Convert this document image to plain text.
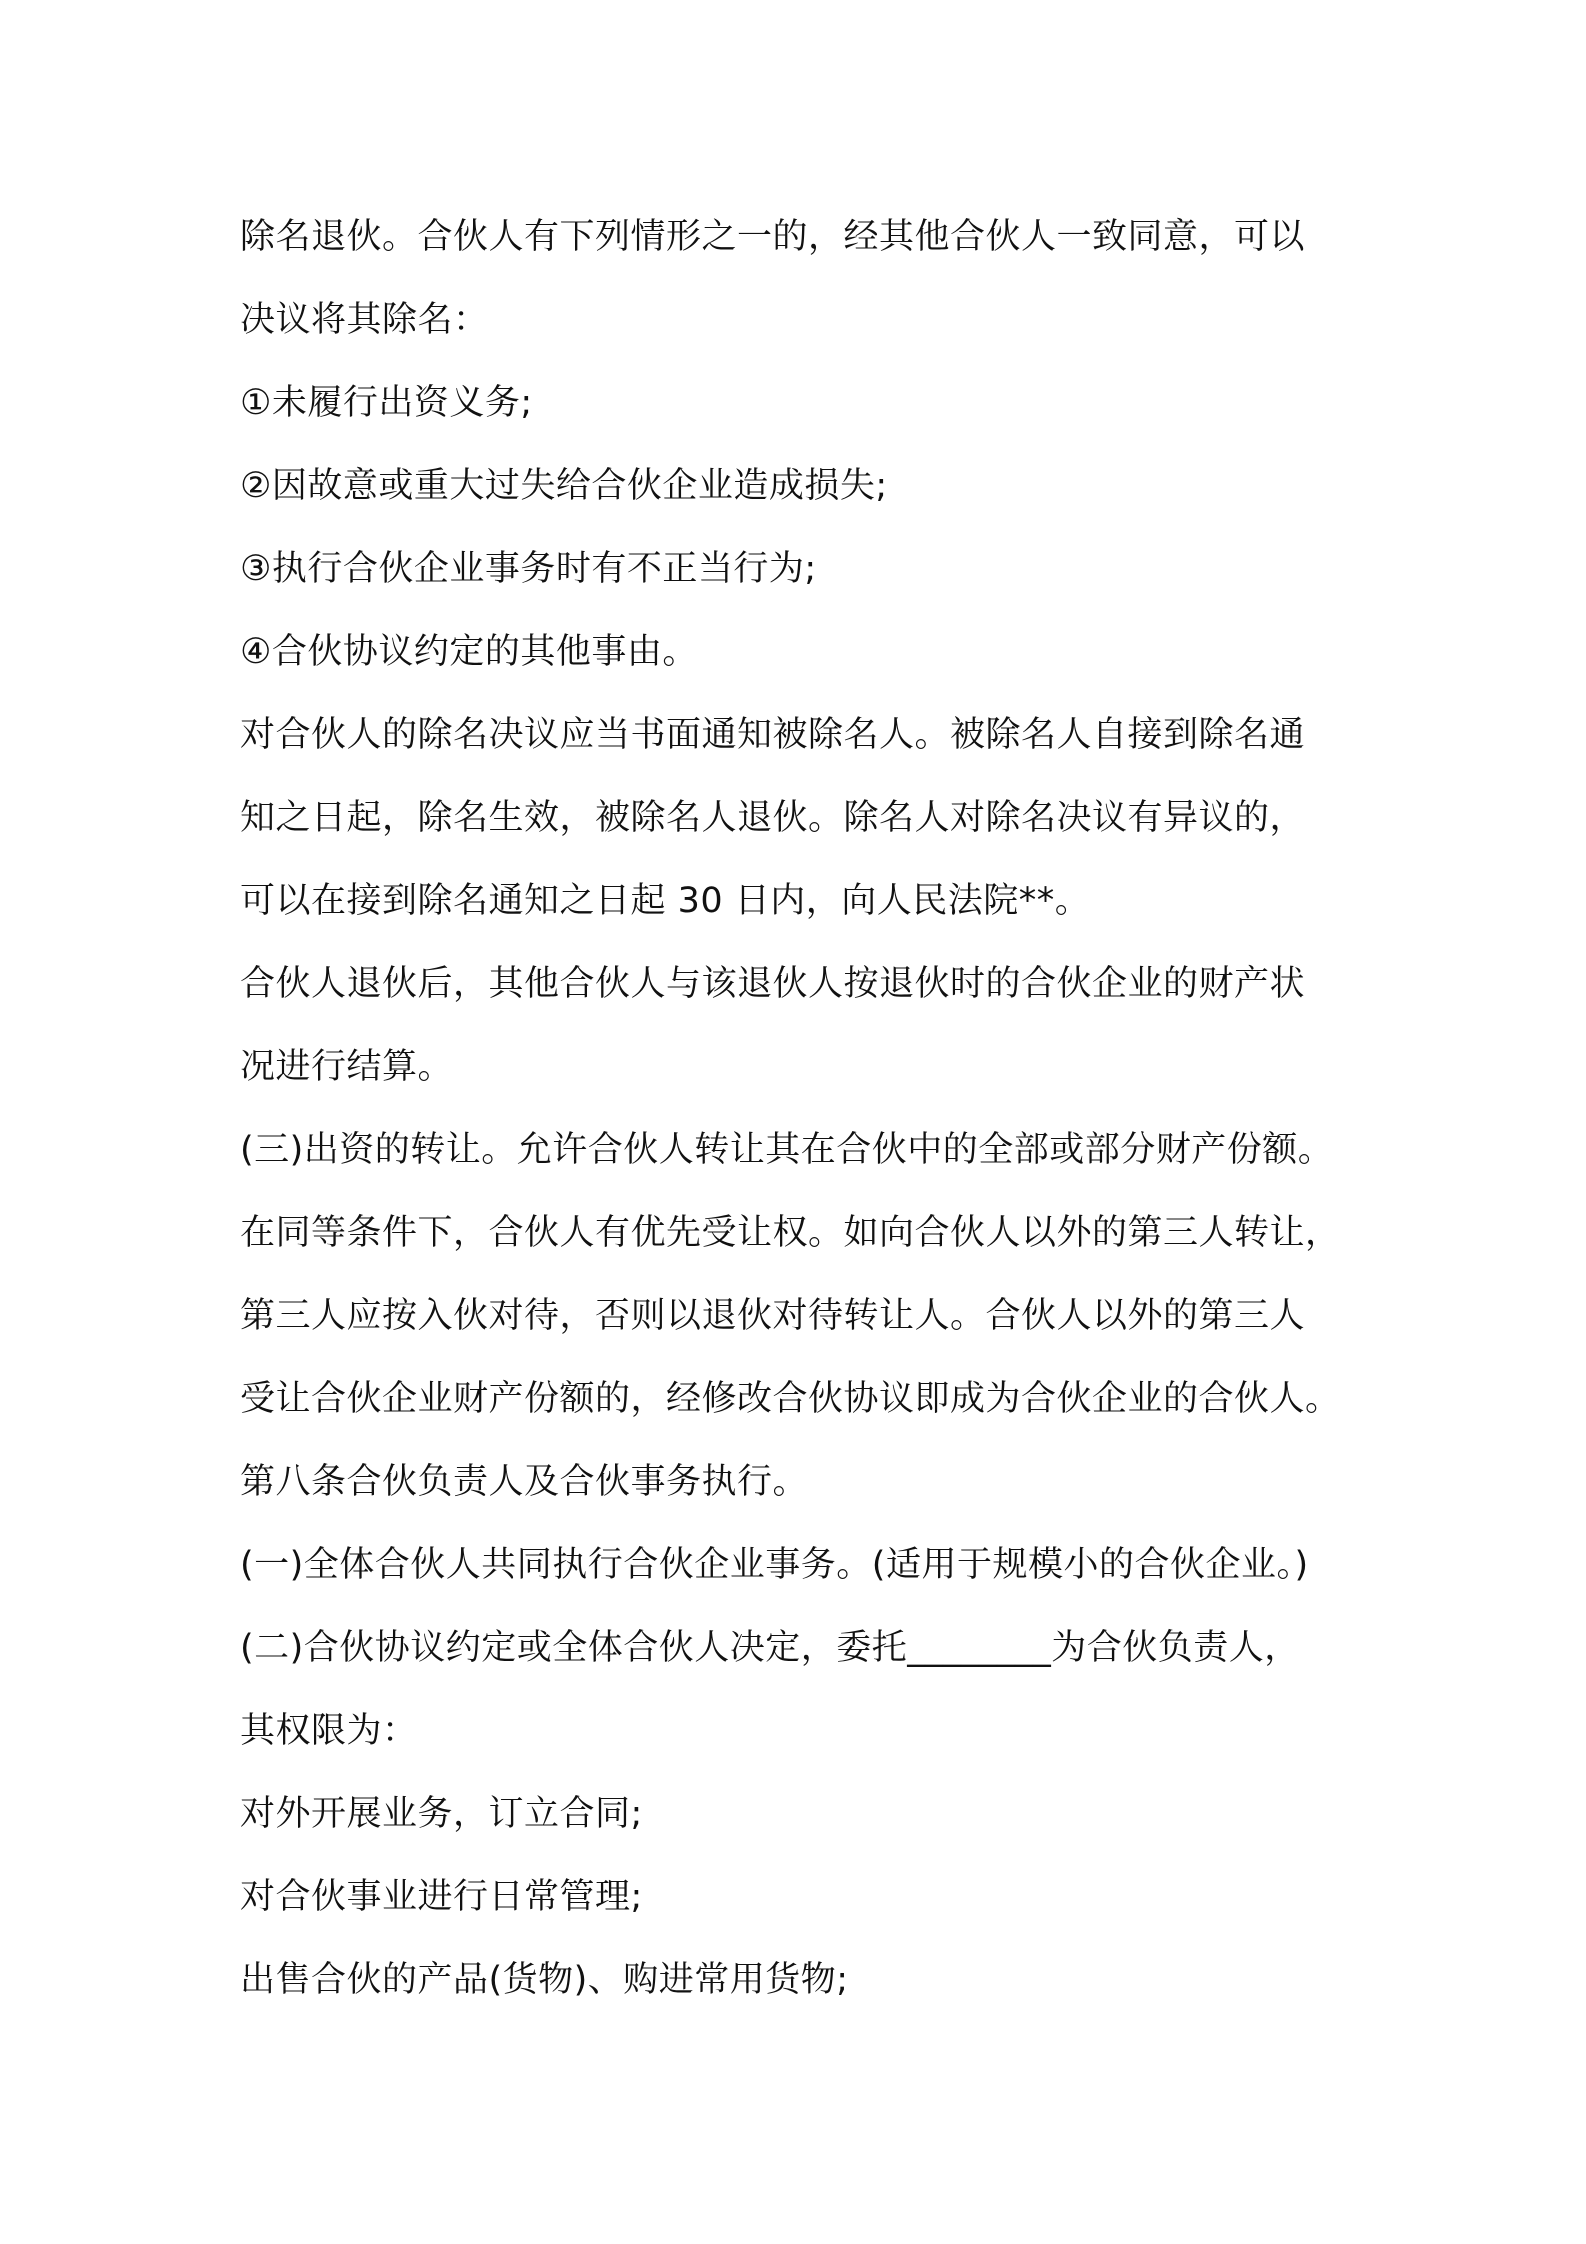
除名退伙。合伙人有下列情形之一的，经其他合伙人一致同意，可以
决议将其除名：
①未履行出资义务;
②因故意或重大过失给合伙企业造成损失;
③执行合伙企业事务时有不正当行为;
④合伙协议约定的其他事由。
对合伙人的除名决议应当书面通知被除名人。被除名人自接到除名通
知之日起，除名生效，被除名人退伙。除名人对除名决议有异议的，
可以在接到除名通知之日起 30 日内，向人民法院**。
合伙人退伙后，其他合伙人与该退伙人按退伙时的合伙企业的财产状
况进行结算。
(三)出资的转让。允许合伙人转让其在合伙中的全部或部分财产份额。
在同等条件下，合伙人有优先受让权。如向合伙人以外的第三人转让，
第三人应按入伙对待，否则以退伙对待转让人。合伙人以外的第三人
受让合伙企业财产份额的，经修改合伙协议即成为合伙企业的合伙人。
第八条合伙负责人及合伙事务执行。
(一)全体合伙人共同执行合伙企业事务。(适用于规模小的合伙企业。)
(二)合伙协议约定或全体合伙人决定，委托________为合伙负责人，
其权限为：
对外开展业务，订立合同;
对合伙事业进行日常管理;
出售合伙的产品(货物)、购进常用货物;
